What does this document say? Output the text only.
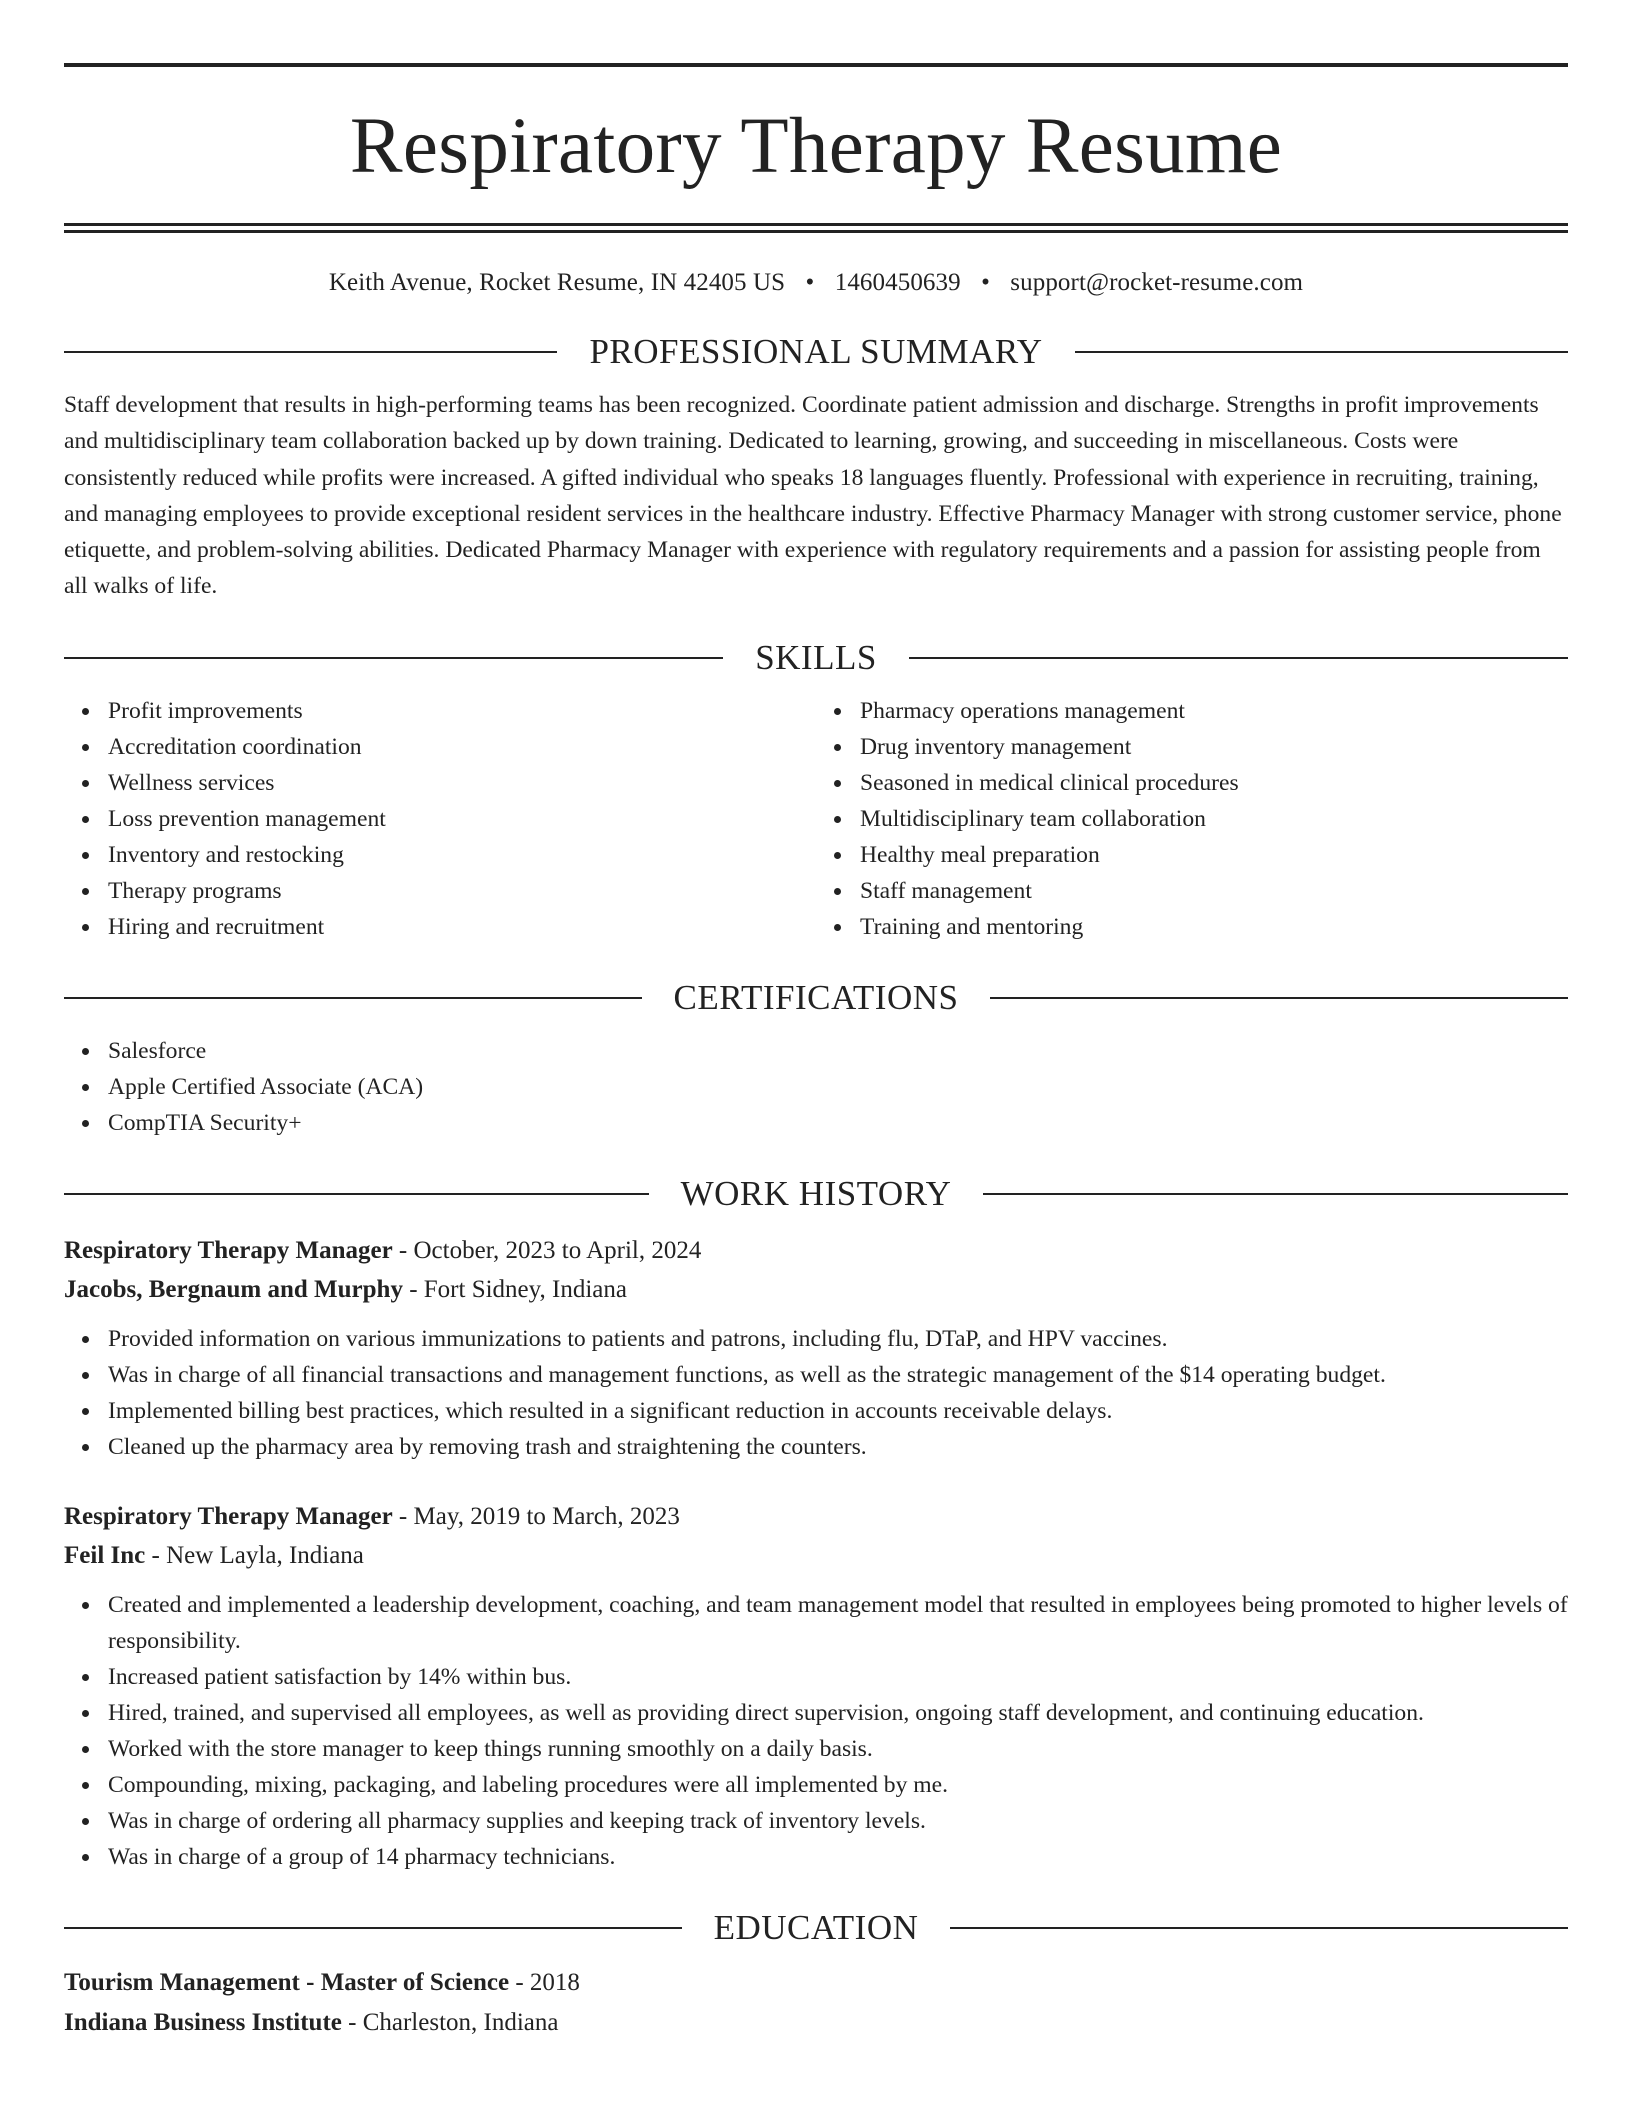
Respiratory Therapy Resume
Keith Avenue, Rocket Resume, IN 42405 US • 1460450639 • support@rocket-resume.com
PROFESSIONAL SUMMARY

Staff development that results in high-performing teams has been recognized. Coordinate patient admission and discharge. Strengths in profit improvements and multidisciplinary team collaboration backed up by down training. Dedicated to learning, growing, and succeeding in miscellaneous. Costs were consistently reduced while profits were increased. A gifted individual who speaks 18 languages fluently. Professional with experience in recruiting, training, and managing employees to provide exceptional resident services in the healthcare industry. Effective Pharmacy Manager with strong customer service, phone etiquette, and problem-solving abilities. Dedicated Pharmacy Manager with experience with regulatory requirements and a passion for assisting people from all walks of life.

SKILLS
Profit improvements
Accreditation coordination
Wellness services
Loss prevention management
Inventory and restocking
Therapy programs
Hiring and recruitment
Pharmacy operations management
Drug inventory management
Seasoned in medical clinical procedures
Multidisciplinary team collaboration
Healthy meal preparation
Staff management
Training and mentoring
CERTIFICATIONS
Salesforce
Apple Certified Associate (ACA)
CompTIA Security+
WORK HISTORY
Respiratory Therapy Manager - October, 2023 to April, 2024
Jacobs, Bergnaum and Murphy - Fort Sidney, Indiana
Provided information on various immunizations to patients and patrons, including flu, DTaP, and HPV vaccines.
Was in charge of all financial transactions and management functions, as well as the strategic management of the $14 operating budget.
Implemented billing best practices, which resulted in a significant reduction in accounts receivable delays.
Cleaned up the pharmacy area by removing trash and straightening the counters.
Respiratory Therapy Manager - May, 2019 to March, 2023
Feil Inc - New Layla, Indiana
Created and implemented a leadership development, coaching, and team management model that resulted in employees being promoted to higher levels of responsibility.
Increased patient satisfaction by 14% within bus.
Hired, trained, and supervised all employees, as well as providing direct supervision, ongoing staff development, and continuing education.
Worked with the store manager to keep things running smoothly on a daily basis.
Compounding, mixing, packaging, and labeling procedures were all implemented by me.
Was in charge of ordering all pharmacy supplies and keeping track of inventory levels.
Was in charge of a group of 14 pharmacy technicians.
EDUCATION
Tourism Management - Master of Science - 2018
Indiana Business Institute - Charleston, Indiana
